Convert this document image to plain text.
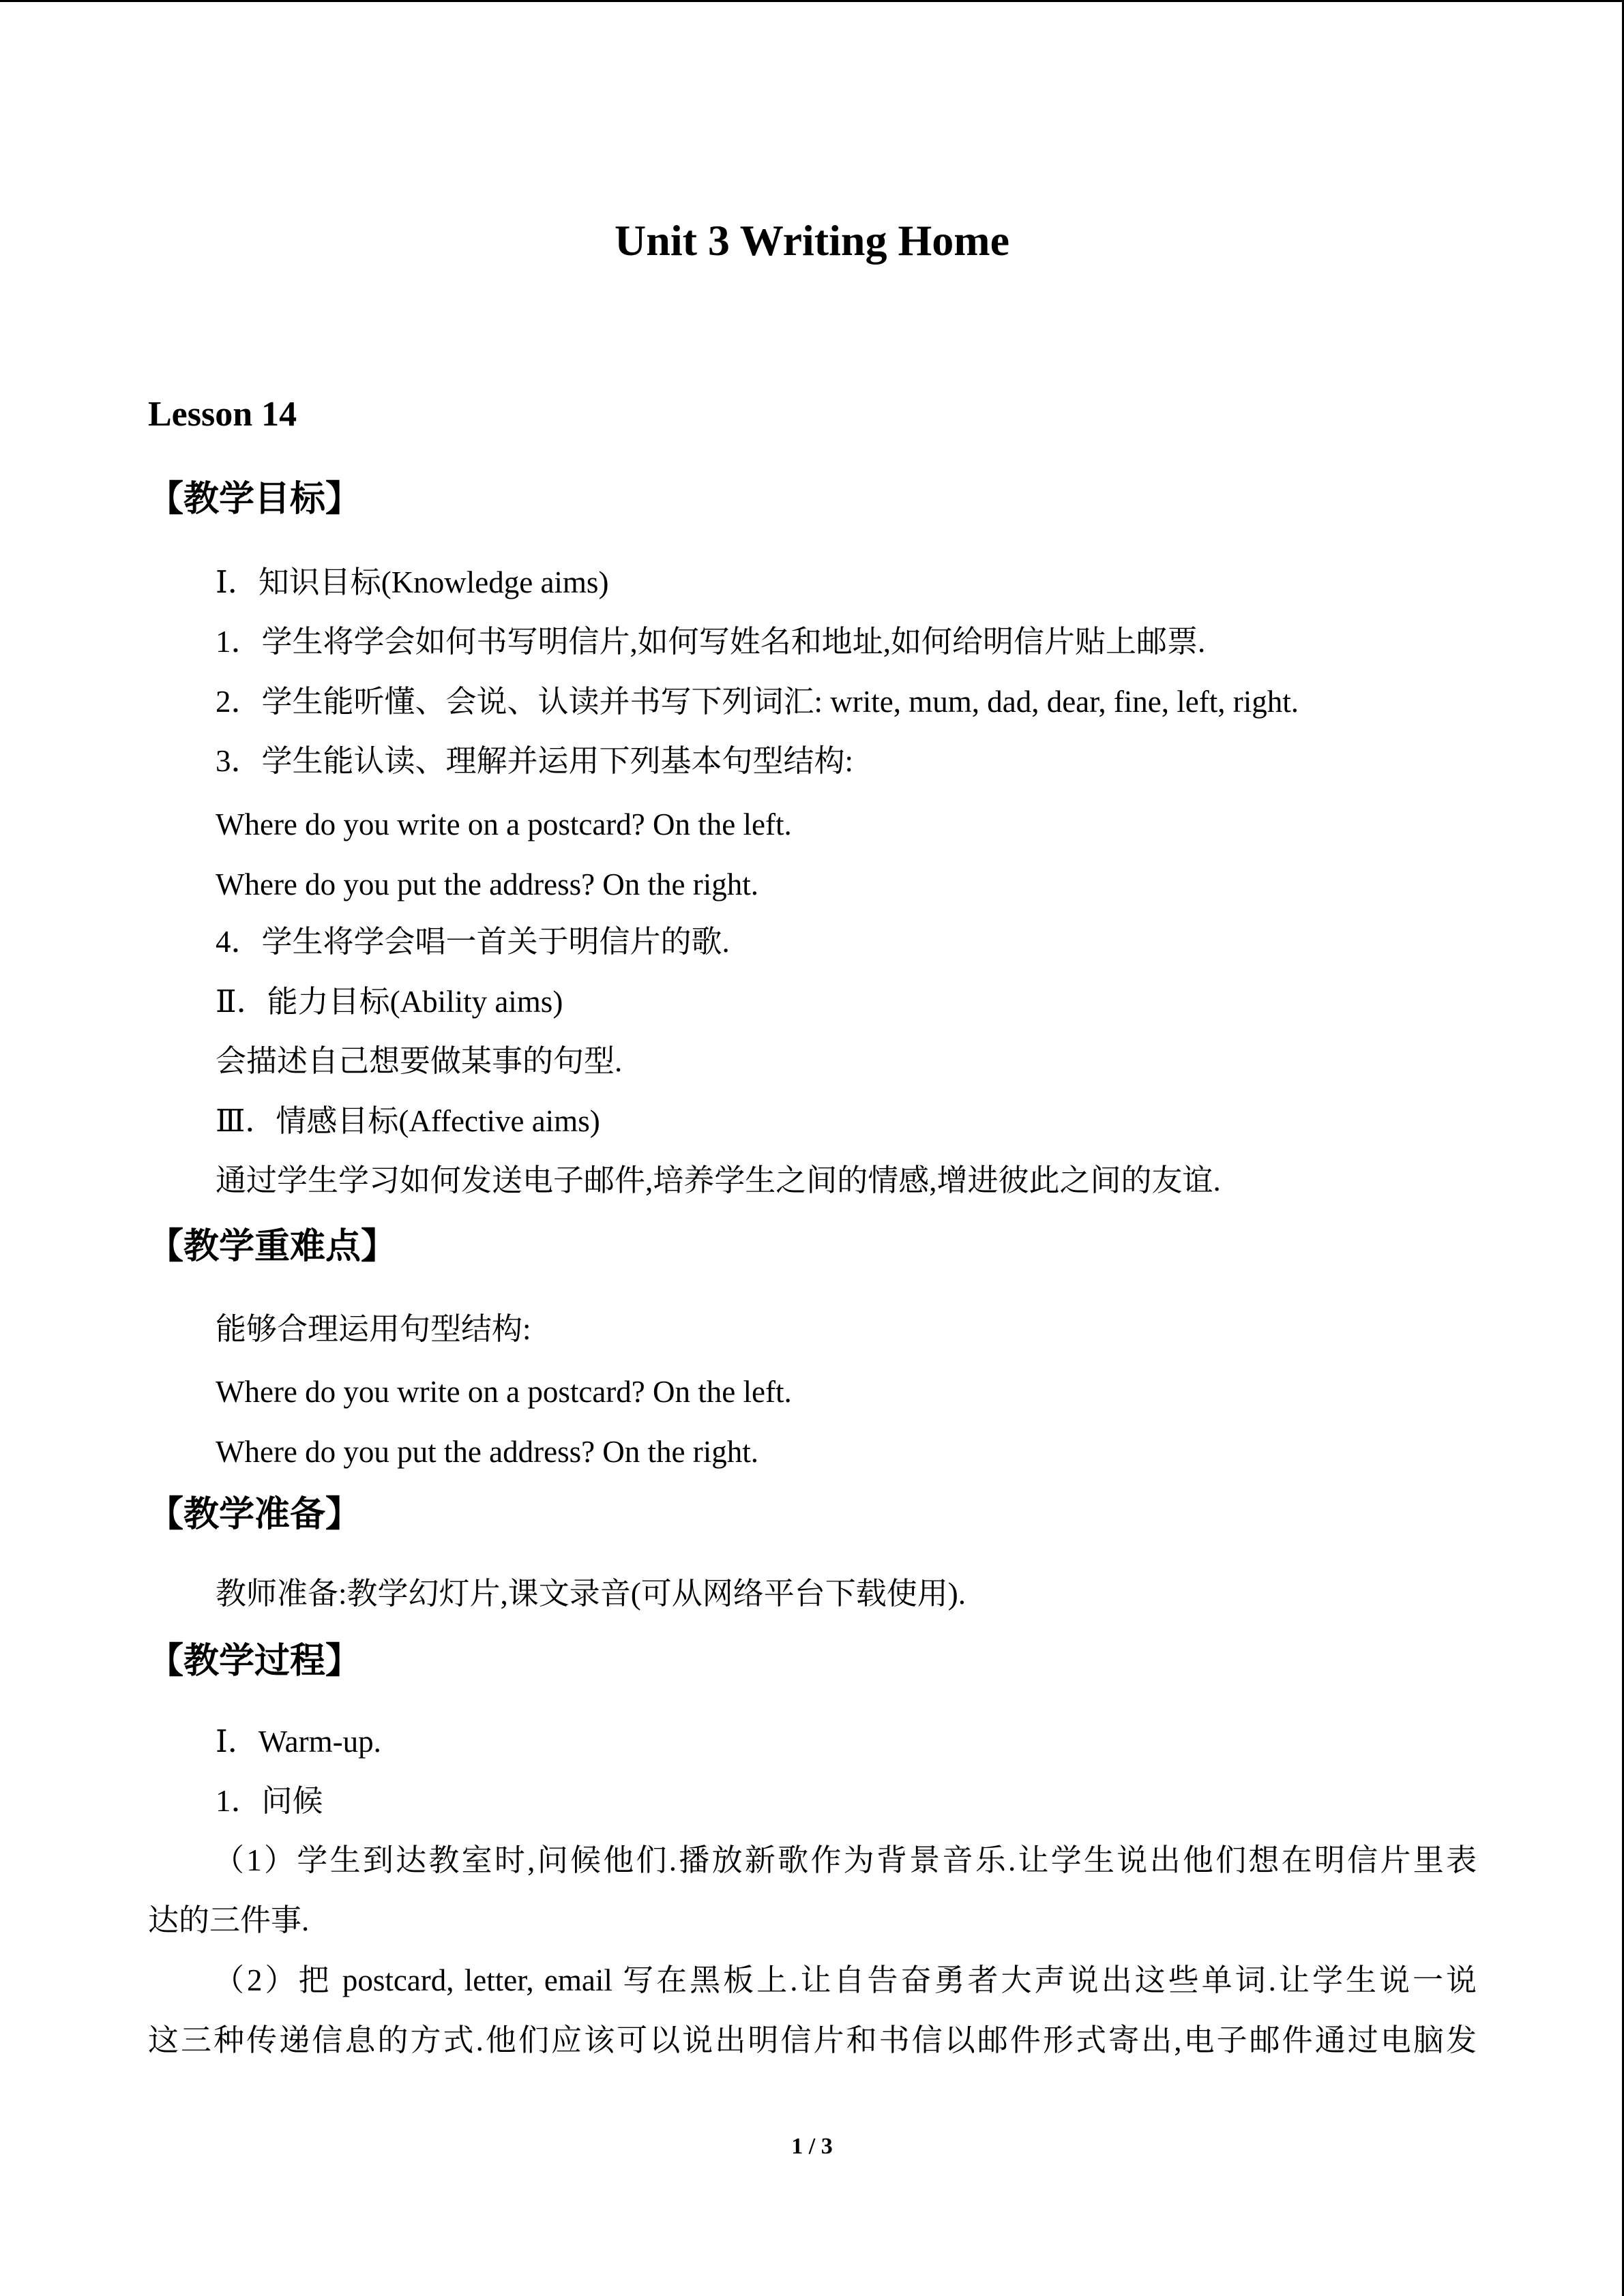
Unit 3 Writing Home
Lesson 14
【教学目标】

Ⅰ．知识目标(Knowledge aims)

1．学生将学会如何书写明信片,如何写姓名和地址,如何给明信片贴上邮票.

2．学生能听懂、会说、认读并书写下列词汇: write, mum, dad, dear, fine, left, right.

3．学生能认读、理解并运用下列基本句型结构:

Where do you write on a postcard? On the left.

Where do you put the address? On the right.

4．学生将学会唱一首关于明信片的歌.

Ⅱ．能力目标(Ability aims)

会描述自己想要做某事的句型.

Ⅲ．情感目标(Affective aims)

通过学生学习如何发送电子邮件,培养学生之间的情感,增进彼此之间的友谊.

【教学重难点】

能够合理运用句型结构:

Where do you write on a postcard? On the left.

Where do you put the address? On the right.

【教学准备】

教师准备:教学幻灯片,课文录音(可从网络平台下载使用).

【教学过程】

Ⅰ．Warm-up.

1．问候

（1）学生到达教室时,问候他们.播放新歌作为背景音乐.让学生说出他们想在明信片里表

达的三件事.

（2）把 postcard, letter, email 写在黑板上.让自告奋勇者大声说出这些单词.让学生说一说

这三种传递信息的方式.他们应该可以说出明信片和书信以邮件形式寄出,电子邮件通过电脑发

1 / 3
